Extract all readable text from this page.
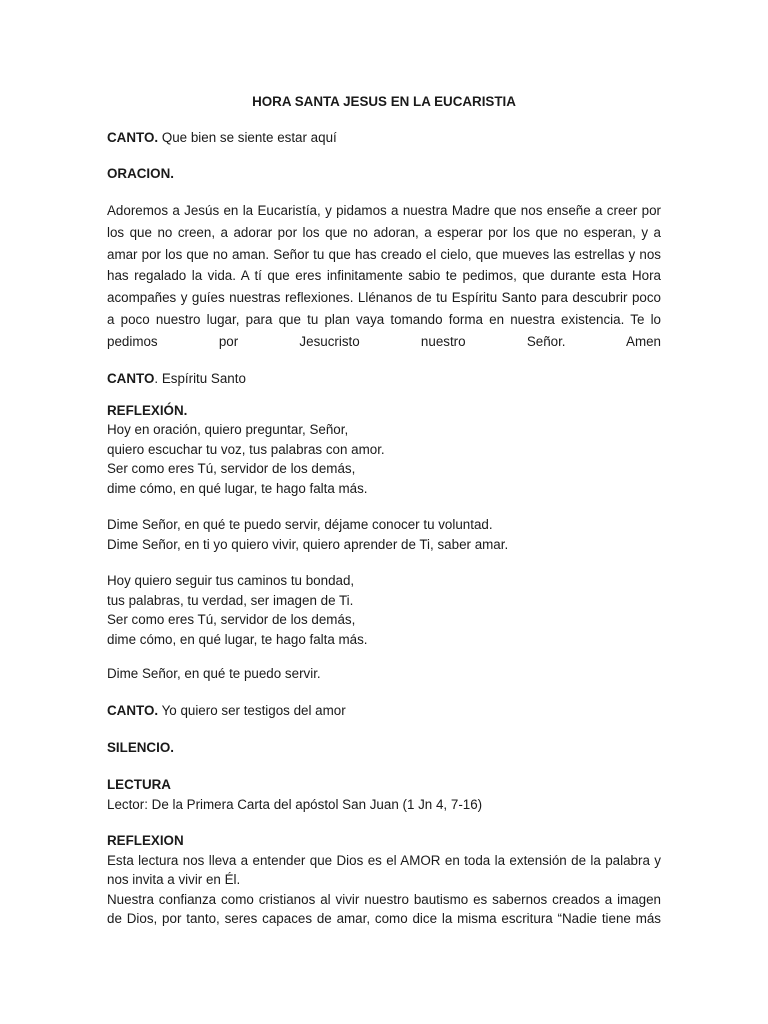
HORA SANTA JESUS EN LA EUCARISTIA
CANTO. Que bien se siente estar aquí
ORACION.
Adoremos a Jesús en la Eucaristía, y pidamos a nuestra Madre que nos enseñe a creer por
los que no creen, a adorar por los que no adoran, a esperar por los que no esperan, y a
amar por los que no aman. Señor tu que has creado el cielo, que mueves las estrellas y nos
has regalado la vida. A tí que eres infinitamente sabio te pedimos, que durante esta Hora
acompañes y guíes nuestras reflexiones. Llénanos de tu Espíritu Santo para descubrir poco
a poco nuestro lugar, para que tu plan vaya tomando forma en nuestra existencia. Te lo
pedimos por Jesucristo nuestro Señor. Amen
CANTO. Espíritu Santo
REFLEXIÓN.
Hoy en oración, quiero preguntar, Señor,
quiero escuchar tu voz, tus palabras con amor.
Ser como eres Tú, servidor de los demás,
dime cómo, en qué lugar, te hago falta más.
Dime Señor, en qué te puedo servir, déjame conocer tu voluntad.
Dime Señor, en ti yo quiero vivir, quiero aprender de Ti, saber amar.
Hoy quiero seguir tus caminos tu bondad,
tus palabras, tu verdad, ser imagen de Ti.
Ser como eres Tú, servidor de los demás,
dime cómo, en qué lugar, te hago falta más.
Dime Señor, en qué te puedo servir.
CANTO. Yo quiero ser testigos del amor
SILENCIO.
LECTURA
Lector: De la Primera Carta del apóstol San Juan (1 Jn 4, 7-16)
REFLEXION
Esta lectura nos lleva a entender que Dios es el AMOR en toda la extensión de la palabra y
nos invita a vivir en Él.
Nuestra confianza como cristianos al vivir nuestro bautismo es sabernos creados a imagen
de Dios, por tanto, seres capaces de amar, como dice la misma escritura “Nadie tiene más
